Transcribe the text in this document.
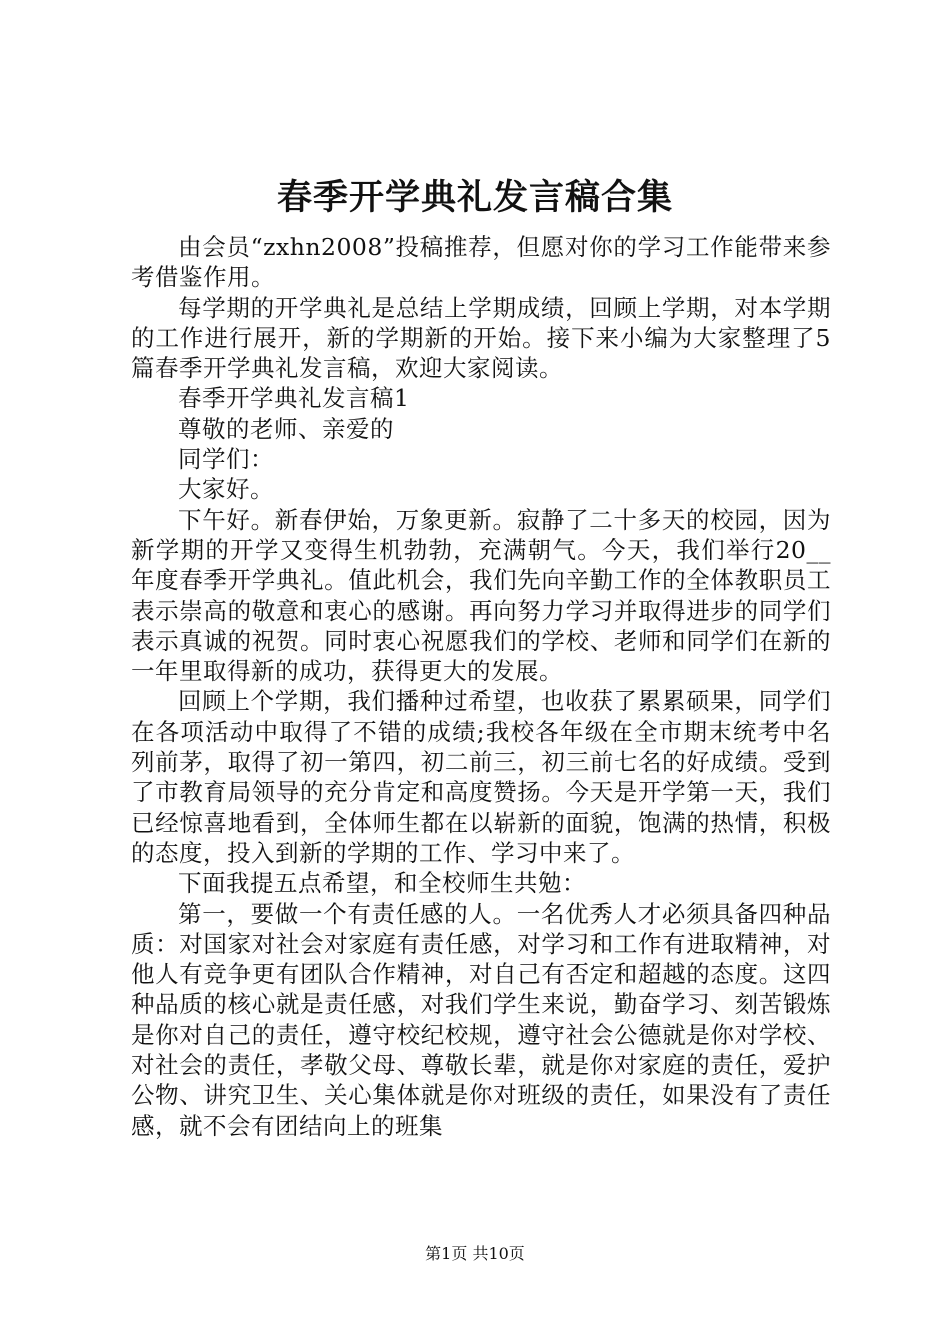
春季开学典礼发言稿合集

由会员“zxhn2008”投稿推荐，但愿对你的学习工作能带来参考借鉴作用。

每学期的开学典礼是总结上学期成绩，回顾上学期，对本学期的工作进行展开，新的学期新的开始。接下来小编为大家整理了5篇春季开学典礼发言稿，欢迎大家阅读。

春季开学典礼发言稿1

尊敬的老师、亲爱的

同学们：

大家好。

下午好。新春伊始，万象更新。寂静了二十多天的校园，因为新学期的开学又变得生机勃勃，充满朝气。今天，我们举行20__年度春季开学典礼。值此机会，我们先向辛勤工作的全体教职员工表示崇高的敬意和衷心的感谢。再向努力学习并取得进步的同学们表示真诚的祝贺。同时衷心祝愿我们的学校、老师和同学们在新的一年里取得新的成功，获得更大的发展。

回顾上个学期，我们播种过希望，也收获了累累硕果，同学们在各项活动中取得了不错的成绩;我校各年级在全市期末统考中名列前茅，取得了初一第四，初二前三，初三前七名的好成绩。受到了市教育局领导的充分肯定和高度赞扬。今天是开学第一天，我们已经惊喜地看到，全体师生都在以崭新的面貌，饱满的热情，积极的态度，投入到新的学期的工作、学习中来了。

下面我提五点希望，和全校师生共勉：

第一，要做一个有责任感的人。一名优秀人才必须具备四种品质：对国家对社会对家庭有责任感，对学习和工作有进取精神，对他人有竞争更有团队合作精神，对自己有否定和超越的态度。这四种品质的核心就是责任感，对我们学生来说，勤奋学习、刻苦锻炼是你对自己的责任，遵守校纪校规，遵守社会公德就是你对学校、对社会的责任，孝敬父母、尊敬长辈，就是你对家庭的责任，爱护公物、讲究卫生、关心集体就是你对班级的责任，如果没有了责任感，就不会有团结向上的班集

第1页 共10页
